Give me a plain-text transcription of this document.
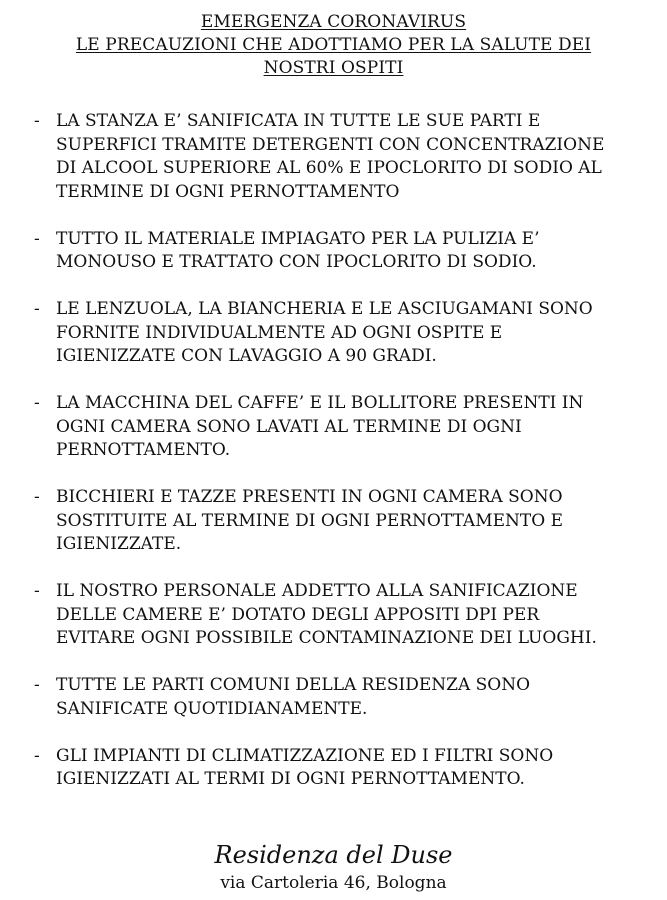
EMERGENZA CORONAVIRUS
LE PRECAUZIONI CHE ADOTTIAMO PER LA SALUTE DEI
NOSTRI OSPITI
- LA STANZA E’ SANIFICATA IN TUTTE LE SUE PARTI E
SUPERFICI TRAMITE DETERGENTI CON CONCENTRAZIONE
DI ALCOOL SUPERIORE AL 60% E IPOCLORITO DI SODIO AL
TERMINE DI OGNI PERNOTTAMENTO
- TUTTO IL MATERIALE IMPIAGATO PER LA PULIZIA E’
MONOUSO E TRATTATO CON IPOCLORITO DI SODIO.
- LE LENZUOLA, LA BIANCHERIA E LE ASCIUGAMANI SONO
FORNITE INDIVIDUALMENTE AD OGNI OSPITE E
IGIENIZZATE CON LAVAGGIO A 90 GRADI.
- LA MACCHINA DEL CAFFE’ E IL BOLLITORE PRESENTI IN
OGNI CAMERA SONO LAVATI AL TERMINE DI OGNI
PERNOTTAMENTO.
- BICCHIERI E TAZZE PRESENTI IN OGNI CAMERA SONO
SOSTITUITE AL TERMINE DI OGNI PERNOTTAMENTO E
IGIENIZZATE.
- IL NOSTRO PERSONALE ADDETTO ALLA SANIFICAZIONE
DELLE CAMERE E’ DOTATO DEGLI APPOSITI DPI PER
EVITARE OGNI POSSIBILE CONTAMINAZIONE DEI LUOGHI.
- TUTTE LE PARTI COMUNI DELLA RESIDENZA SONO
SANIFICATE QUOTIDIANAMENTE.
- GLI IMPIANTI DI CLIMATIZZAZIONE ED I FILTRI SONO
IGIENIZZATI AL TERMI DI OGNI PERNOTTAMENTO.
Residenza del Duse
via Cartoleria 46, Bologna
